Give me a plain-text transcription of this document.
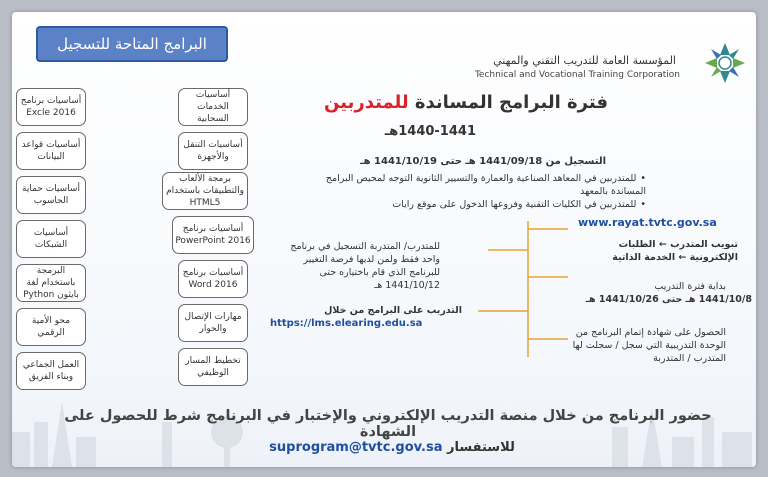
البرامج المتاحة للتسجيل
المؤسسة العامة للتدريب التقني والمهني
Technical and Vocational Training Corporation
فترة البرامج المساندة للمتدربين
1440-1441هـ
التسجيل من 1441/09/18 هـ حتى 1441/10/19 هـ
• للمتدربين في المعاهد الصناعية والعمارة والتسيير الثانوية التوجه لمحيص البرامج المساندة بالمعهد
• للمتدربين في الكليات التقنية وفروعها الدخول على موقع رايات
www.rayat.tvtc.gov.sa
تبويب المتدرب ← الطلبات الإلكترونية ← الخدمة الذاتية
للمتدرب/ المتدربة التسجيل في برنامج واحد فقط ولمن لديها فرصة التغيير للبرنامج الذي قام باختياره حتى 1441/10/12 هـ	بداية فترة التدريب
1441/10/8 هـ حتى 1441/10/26 هـ
التدريب على البرامج من خلال
https://lms.elearing.edu.sa
الحصول على شهادة إتمام البرنامج من الوحدة التدريبية التي سجل / سجلت لها المتدرب / المتدربة
أساسيات برنامج Excle 2016
أساسيات قواعد البيانات
أساسيات حماية الحاسوب
أساسيات الشبكات
البرمجة باستخدام لغة بايثون Python
محو الأمية الرقمي
العمل الجماعي وبناء الفريق
أساسيات الخدمات السحابية
أساسيات التنقل والأجهزة
برمجة الألعاب والتطبيقات باستخدام HTML5
أساسيات برنامج PowerPoint 2016
أساسيات برنامج Word 2016
مهارات الإتصال والحوار
تخطيط المسار الوظيفي
حضور البرنامج من خلال منصة التدريب الإلكتروني والإختبار في البرنامج شرط للحصول على الشهادة
للاستفسار suprogram@tvtc.gov.sa
